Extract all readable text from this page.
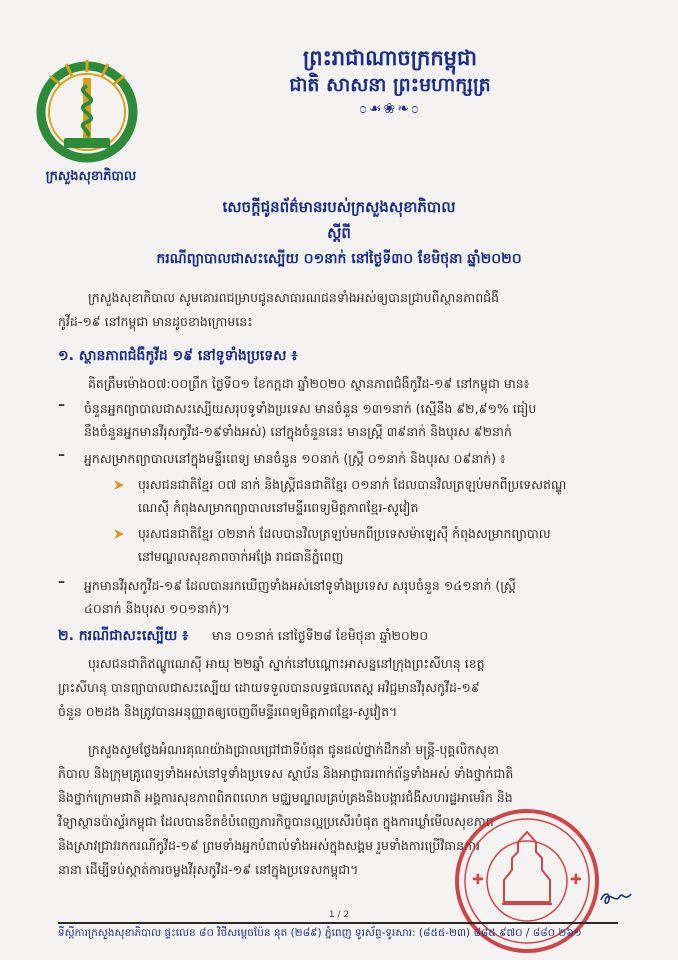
ក្រសួងសុខាភិបាល
ព្រះរាជាណាចក្រកម្ពុជា
ជាតិ សាសនា ព្រះមហាក្សត្រ
೦☙❀❧೦
សេចក្តីជូនព័ត៌មានរបស់ក្រសួងសុខាភិបាល
ស្តីពី
ករណីព្យាបាលជាសះស្បើយ ០១នាក់ នៅថ្ងៃទី៣០ ខែមិថុនា ឆ្នាំ២០២០
ក្រសួងសុខាភិបាល សូមគោរពជម្រាបជូនសាធារណជនទាំងអស់ឲ្យបានជ្រាបពីស្ថានភាពជំងឺ
កូវីដ-១៩ នៅកម្ពុជា មានដូចខាងក្រោមនេះ
១. ស្ថានភាពជំងឺកូវីដ ១៩ នៅទូទាំងប្រទេស ៖
គិតត្រឹមម៉ោង០៧:០០ព្រឹក ថ្ងៃទី០១ ខែកក្កដា ឆ្នាំ២០២០ ស្ថានភាពជំងឺកូវីដ-១៩ នៅកម្ពុជា មាន៖
– ចំនួនអ្នកព្យាបាលជាសះស្បើយសរុបទូទាំងប្រទេស មានចំនួន ១៣១នាក់ (ស្មើនឹង ៩២,៩១% ធៀប
នឹងចំនួនអ្នកមានវីរុសកូវីដ-១៩ទាំងអស់) នៅក្នុងចំនួននេះ មានស្ត្រី ៣៩នាក់ និងបុរស ៩២នាក់
– អ្នកសម្រាកព្យាបាលនៅក្នុងមន្ទីរពេទ្យ មានចំនួន ១០នាក់ (ស្ត្រី ០១នាក់ និងបុរស ០៩នាក់) ៖
បុរសជនជាតិខ្មែរ ០៧ នាក់ និងស្ត្រីជនជាតិខ្មែរ ០១នាក់ ដែលបានវិលត្រឡប់មកពីប្រទេសឥណ្ឌូ
ណេស៊ី កំពុងសម្រាកព្យាបាលនៅមន្ទីរពេទ្យមិត្តភាពខ្មែរ-សូវៀត
បុរសជនជាតិខ្មែរ ០២នាក់ ដែលបានវិលត្រឡប់មកពីប្រទេសម៉ាឡេស៊ី កំពុងសម្រាកព្យាបាល
នៅមណ្ឌលសុខភាពចាក់អង្រែ រាជធានីភ្នំពេញ
– អ្នកមានវីរុសកូវីដ-១៩ ដែលបានរកឃើញទាំងអស់នៅទូទាំងប្រទេស សរុបចំនួន ១៤១នាក់ (ស្ត្រី
៤០នាក់ និងបុរស ១០១នាក់)។
២. ករណីជាសះស្បើយ ៖ មាន ០១នាក់ នៅថ្ងៃទី២៨ ខែមិថុនា ឆ្នាំ២០២០
បុរសជនជាតិឥណ្ឌូណេស៊ី អាយុ ២២ឆ្នាំ ស្នាក់នៅបណ្តោះអាសន្ននៅក្រុងព្រះសីហនុ ខេត្ត
ព្រះសីហនុ បានព្យាបាលជាសះស្បើយ ដោយទទួលបានលទ្ធផលតេស្ត អវិជ្ជមានវីរុសកូវីដ-១៩
ចំនួន ០២ដង និងត្រូវបានអនុញ្ញាតឲ្យចេញពីមន្ទីរពេទ្យមិត្តភាពខ្មែរ-សូវៀត។
ក្រសួងសូមថ្លែងអំណរគុណយ៉ាងជ្រាលជ្រៅជាទីបំផុត ជូនដល់ថ្នាក់ដឹកនាំ មន្ត្រី-បុគ្គលិកសុខា
ភិបាល និងក្រុមគ្រូពេទ្យទាំងអស់នៅទូទាំងប្រទេស ស្ថាប័ន និងអាជ្ញាធរពាក់ព័ន្ធទាំងអស់ ទាំងថ្នាក់ជាតិ
និងថ្នាក់ក្រោមជាតិ អង្គការសុខភាពពិភពលោក មជ្ឈមណ្ឌលគ្រប់គ្រងនិងបង្ការជំងឺសហរដ្ឋអាមេរិក និង
វិទ្យាស្ថានប៉ាស្ទ័រកម្ពុជា ដែលបានខិតខំបំពេញភារកិច្ចបានល្អប្រសើរបំផុត ក្នុងការឃ្លាំមើលសុខភាព
និងស្រាវជ្រាវរកករណីកូវីដ-១៩ ព្រមទាំងអ្នកបំពាល់ទាំងអស់ក្នុងសង្គម រួមទាំងការប្រើវិធានការ
នានា ដើម្បីទប់ស្កាត់ការចម្លងវីរុសកូវីដ-១៩ នៅក្នុងប្រទេសកម្ពុជា។
✚	✚
1 / 2
ទីស្តីការក្រសួងសុខាភិបាល ផ្ទះលេខ ៨០ វិថីសម្តេចប៉ែន នុត (២៨៩) ភ្នំពេញ ទូរស័ព្ទ-ទូរសារ: (៨៥៥-២៣) ៨៨៥ ៩៧០ / ៨៨០ ២៦១
